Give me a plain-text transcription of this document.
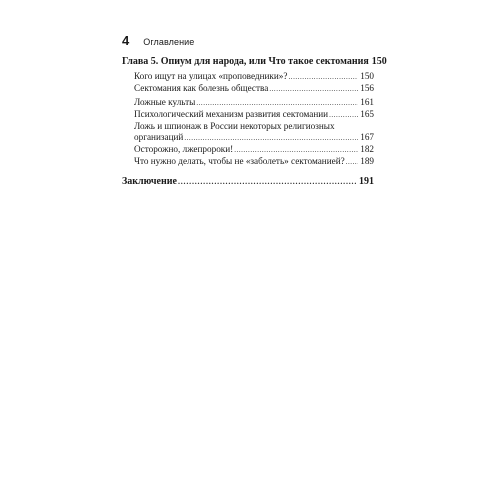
4 Оглавление
Глава 5. Опиум для народа, или Что такое сектомания 150
Кого ищут на улицах «проповедники»? . . .	150
Сектомания как болезнь общества . . .	156
Ложные культы . . .	161
Психологический механизм развития сектомании . . .	165
Ложь и шпионаж в России некоторых религиозных
организаций . . .	167
Осторожно, лжепророки! . . .	182
Что нужно делать, чтобы не «заболеть» сектоманией? . . . 189
Заключение . . .	191
